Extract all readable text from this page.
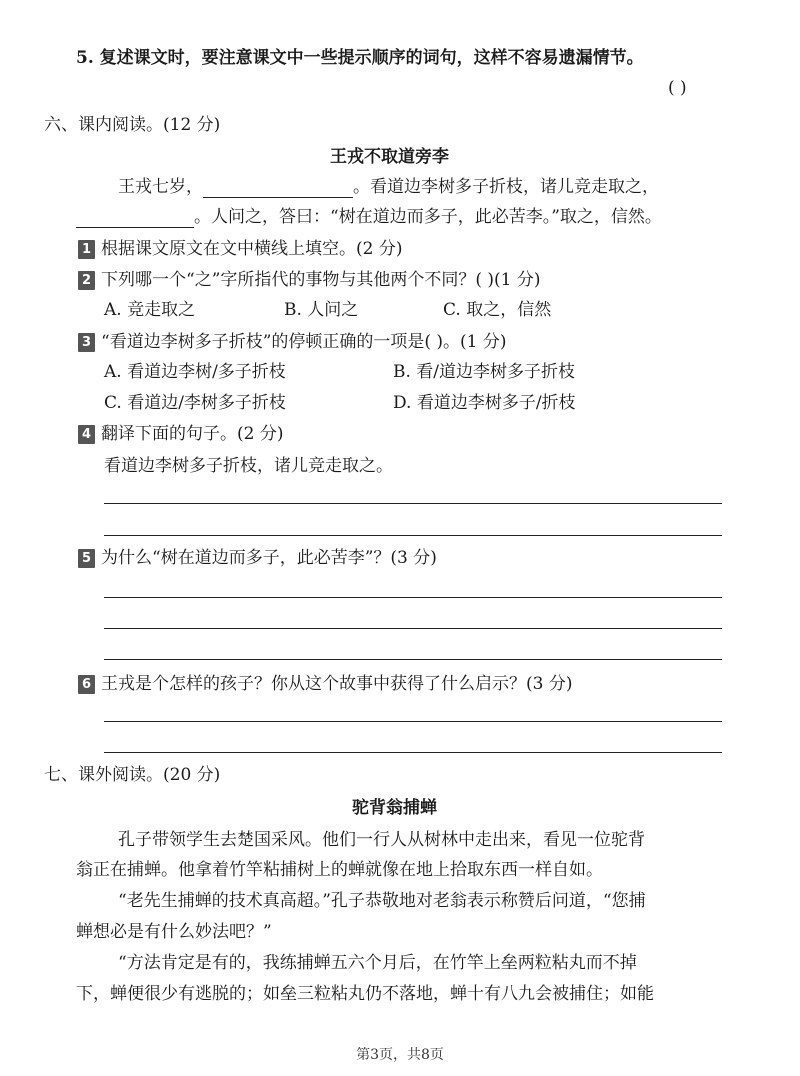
5. 复述课文时，要注意课文中一些提示顺序的词句，这样不容易遗漏情节。
( )
六、课内阅读。(12 分)
王戎不取道旁李
王戎七岁，	。看道边李树多子折枝，诸儿竞走取之，
。人问之，答曰：“树在道边而多子，此必苦李。”取之，信然。
1 根据课文原文在文中横线上填空。(2 分)
2 下列哪一个“之”字所指代的事物与其他两个不同？( )(1 分)
A. 竞走取之	B. 人问之	C. 取之，信然
3 “看道边李树多子折枝”的停顿正确的一项是( )。(1 分)
A. 看道边李树/多子折枝	B. 看/道边李树多子折枝
C. 看道边/李树多子折枝	D. 看道边李树多子/折枝
4 翻译下面的句子。(2 分)
看道边李树多子折枝，诸儿竞走取之。
5 为什么“树在道边而多子，此必苦李”？(3 分)
6 王戎是个怎样的孩子？你从这个故事中获得了什么启示？(3 分)
七、课外阅读。(20 分)
驼背翁捕蝉
孔子带领学生去楚国采风。他们一行人从树林中走出来，看见一位驼背
翁正在捕蝉。他拿着竹竿粘捕树上的蝉就像在地上拾取东西一样自如。
“老先生捕蝉的技术真高超。”孔子恭敬地对老翁表示称赞后问道，“您捕
蝉想必是有什么妙法吧？”
“方法肯定是有的，我练捕蝉五六个月后，在竹竿上垒两粒粘丸而不掉
下，蝉便很少有逃脱的；如垒三粒粘丸仍不落地，蝉十有八九会被捕住；如能
第3页，共8页
